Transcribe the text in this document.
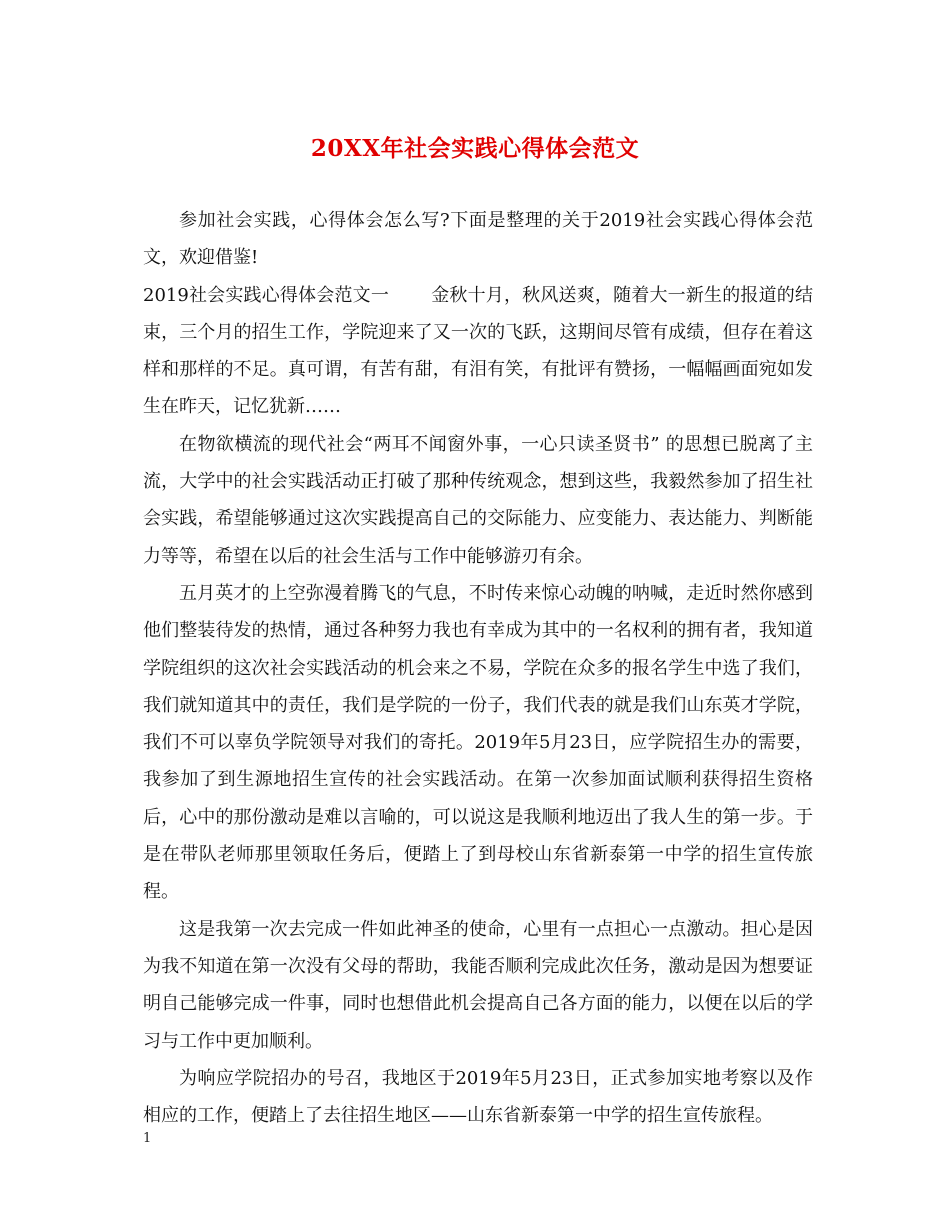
20XX年社会实践心得体会范文

参加社会实践，心得体会怎么写?下面是整理的关于2019社会实践心得体会范文，欢迎借鉴!

2019社会实践心得体会范文一 金秋十月，秋风送爽，随着大一新生的报道的结束，三个月的招生工作，学院迎来了又一次的飞跃，这期间尽管有成绩，但存在着这样和那样的不足。真可谓，有苦有甜，有泪有笑，有批评有赞扬，一幅幅画面宛如发生在昨天，记忆犹新……

在物欲横流的现代社会“两耳不闻窗外事，一心只读圣贤书” 的思想已脱离了主流，大学中的社会实践活动正打破了那种传统观念，想到这些，我毅然参加了招生社会实践，希望能够通过这次实践提高自己的交际能力、应变能力、表达能力、判断能力等等，希望在以后的社会生活与工作中能够游刃有余。

五月英才的上空弥漫着腾飞的气息，不时传来惊心动魄的呐喊，走近时然你感到他们整装待发的热情，通过各种努力我也有幸成为其中的一名权利的拥有者，我知道学院组织的这次社会实践活动的机会来之不易，学院在众多的报名学生中选了我们，我们就知道其中的责任，我们是学院的一份子，我们代表的就是我们山东英才学院，我们不可以辜负学院领导对我们的寄托。2019年5月23日，应学院招生办的需要，我参加了到生源地招生宣传的社会实践活动。在第一次参加面试顺利获得招生资格后，心中的那份激动是难以言喻的，可以说这是我顺利地迈出了我人生的第一步。于是在带队老师那里领取任务后，便踏上了到母校山东省新泰第一中学的招生宣传旅程。

这是我第一次去完成一件如此神圣的使命，心里有一点担心一点激动。担心是因为我不知道在第一次没有父母的帮助，我能否顺利完成此次任务，激动是因为想要证明自己能够完成一件事，同时也想借此机会提高自己各方面的能力，以便在以后的学习与工作中更加顺利。

为响应学院招办的号召，我地区于2019年5月23日，正式参加实地考察以及作相应的工作，便踏上了去往招生地区——山东省新泰第一中学的招生宣传旅程。

1
